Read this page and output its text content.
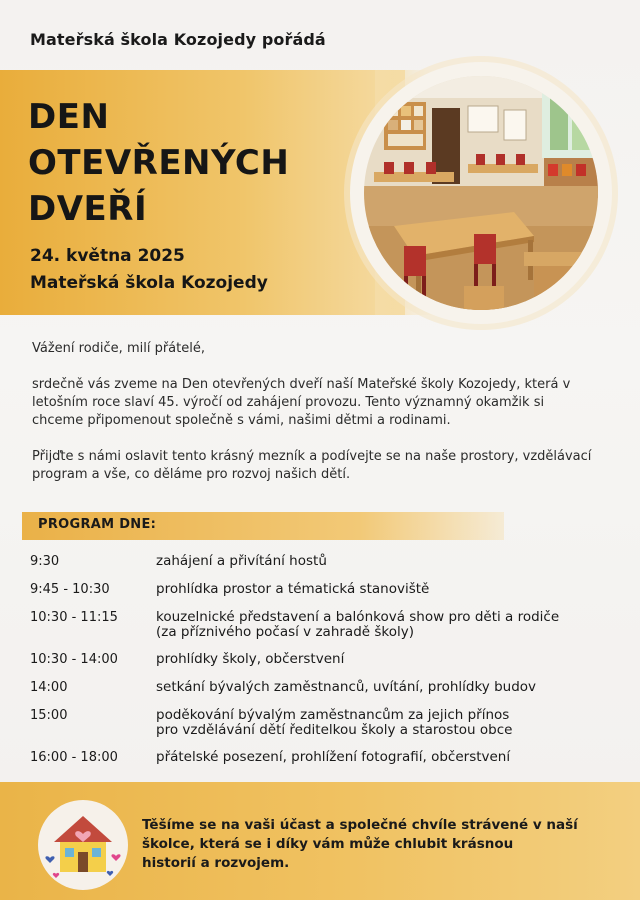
Mateřská škola Kozojedy pořádá
DEN
OTEVŘENÝCH
DVEŘÍ
24. května 2025
Mateřská škola Kozojedy

Vážení rodiče, milí přátelé,

srdečně vás zveme na Den otevřených dveří naší Mateřské školy Kozojedy, která v letošním roce slaví 45. výročí od zahájení provozu. Tento významný okamžik si chceme připomenout společně s vámi, našimi dětmi a rodinami.

Přijďte s námi oslavit tento krásný mezník a podívejte se na naše prostory, vzdělávací program a vše, co děláme pro rozvoj našich dětí.

PROGRAM DNE:
9:30	zahájení a přivítání hostů
9:45 - 10:30	prohlídka prostor a tématická stanoviště
10:30 - 11:15	kouzelnické představení a balónková show pro děti a rodiče
(za příznivého počasí v zahradě školy)
10:30 - 14:00	prohlídky školy, občerstvení
14:00	setkání bývalých zaměstnanců, uvítání, prohlídky budov
15:00	poděkování bývalým zaměstnancům za jejich přínos
pro vzdělávání dětí ředitelkou školy a starostou obce
16:00 - 18:00	přátelské posezení, prohlížení fotografií, občerstvení
Těšíme se na vaši účast a společné chvíle strávené v naší
školce, která se i díky vám může chlubit krásnou
historií a rozvojem.
